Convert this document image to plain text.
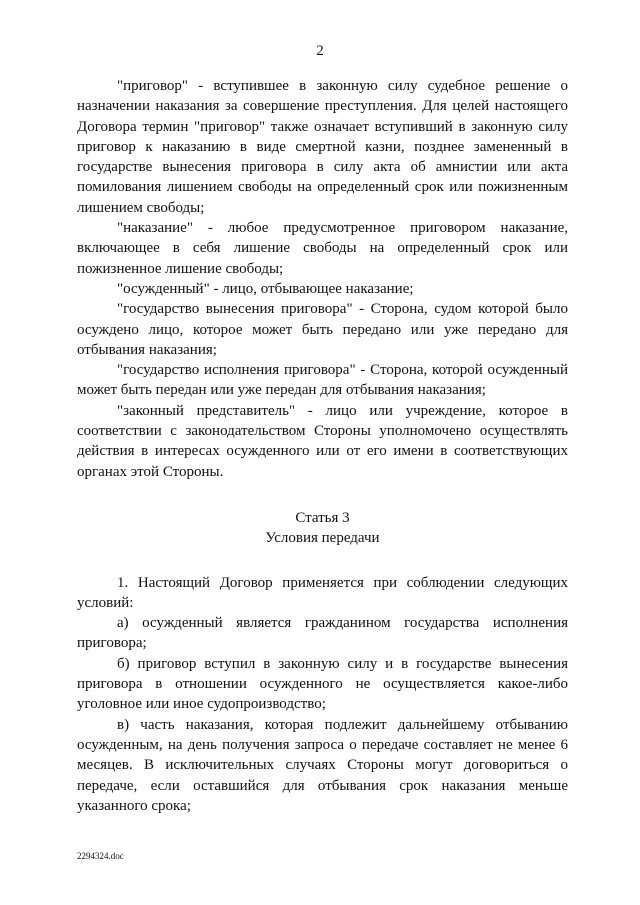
2

"приговор" - вступившее в законную силу судебное решение о назначении наказания за совершение преступления. Для целей настоящего Договора термин "приговор" также означает вступивший в законную силу приговор к наказанию в виде смертной казни, позднее замененный в государстве вынесения приговора в силу акта об амнистии или акта помилования лишением свободы на определенный срок или пожизненным лишением свободы;

"наказание" - любое предусмотренное приговором наказание, включающее в себя лишение свободы на определенный срок или пожизненное лишение свободы;

"осужденный" - лицо, отбывающее наказание;

"государство вынесения приговора" - Сторона, судом которой было осуждено лицо, которое может быть передано или уже передано для отбывания наказания;

"государство исполнения приговора" - Сторона, которой осужденный может быть передан или уже передан для отбывания наказания;

"законный представитель" - лицо или учреждение, которое в соответствии с законодательством Стороны уполномочено осуществлять действия в интересах осужденного или от его имени в соответствующих органах этой Стороны.

Статья 3

Условия передачи

1. Настоящий Договор применяется при соблюдении следующих условий:

а) осужденный является гражданином государства исполнения приговора;

б) приговор вступил в законную силу и в государстве вынесения приговора в отношении осужденного не осуществляется какое-либо уголовное или иное судопроизводство;

в) часть наказания, которая подлежит дальнейшему отбыванию осужденным, на день получения запроса о передаче составляет не менее 6 месяцев. В исключительных случаях Стороны могут договориться о передаче, если оставшийся для отбывания срок наказания меньше указанного срока;

2294324.doc
